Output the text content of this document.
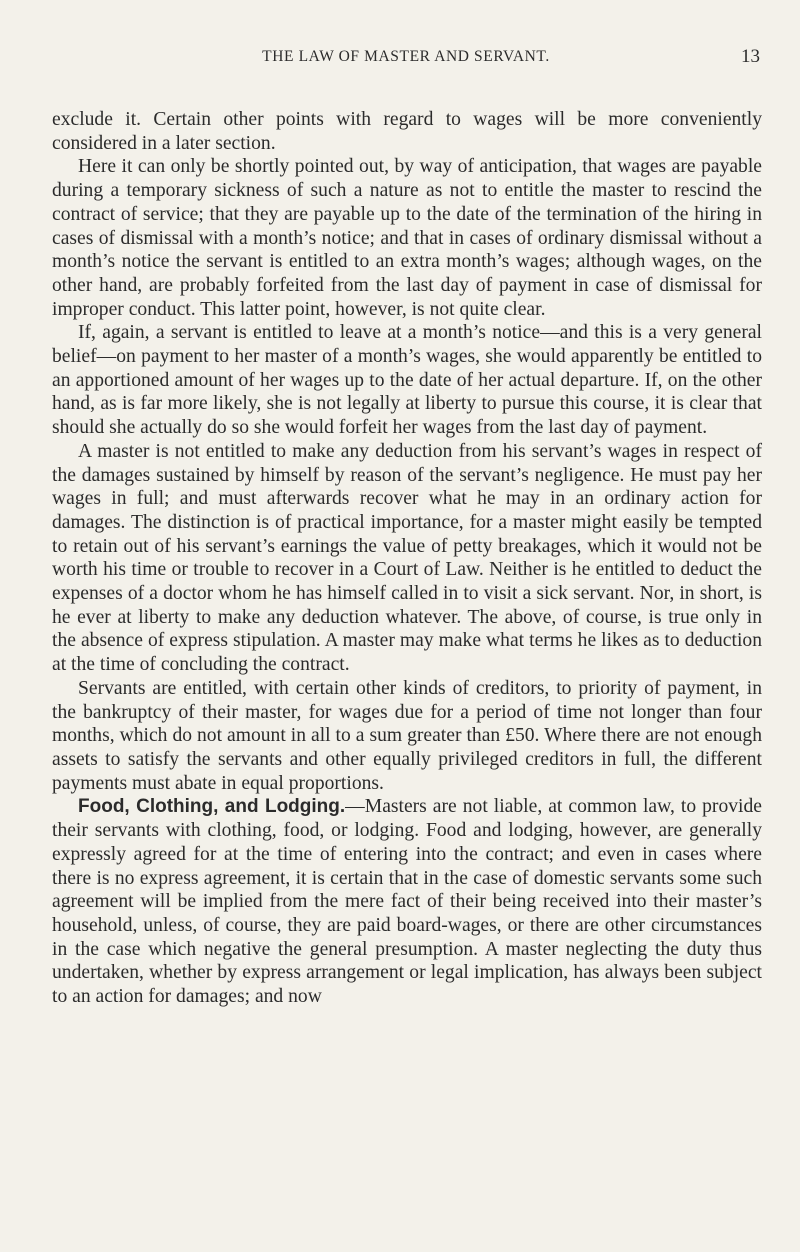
THE LAW OF MASTER AND SERVANT.	13

exclude it. Certain other points with regard to wages will be more conveniently considered in a later section.

Here it can only be shortly pointed out, by way of anticipation, that wages are payable during a temporary sickness of such a nature as not to entitle the master to rescind the contract of service; that they are payable up to the date of the termination of the hiring in cases of dismissal with a month’s notice; and that in cases of ordinary dismissal without a month’s notice the servant is entitled to an extra month’s wages; although wages, on the other hand, are probably forfeited from the last day of payment in case of dismissal for improper conduct. This latter point, however, is not quite clear.

If, again, a servant is entitled to leave at a month’s notice—and this is a very general belief—on payment to her master of a month’s wages, she would apparently be entitled to an apportioned amount of her wages up to the date of her actual departure. If, on the other hand, as is far more likely, she is not legally at liberty to pursue this course, it is clear that should she actually do so she would forfeit her wages from the last day of payment.

A master is not entitled to make any deduction from his servant’s wages in respect of the damages sustained by himself by reason of the servant’s negligence. He must pay her wages in full; and must afterwards recover what he may in an ordinary action for damages. The distinction is of practical importance, for a master might easily be tempted to retain out of his servant’s earnings the value of petty breakages, which it would not be worth his time or trouble to recover in a Court of Law. Neither is he entitled to deduct the expenses of a doctor whom he has himself called in to visit a sick servant. Nor, in short, is he ever at liberty to make any deduction whatever. The above, of course, is true only in the absence of express stipulation. A master may make what terms he likes as to deduction at the time of concluding the contract.

Servants are entitled, with certain other kinds of creditors, to priority of payment, in the bankruptcy of their master, for wages due for a period of time not longer than four months, which do not amount in all to a sum greater than £50. Where there are not enough assets to satisfy the servants and other equally privileged creditors in full, the different payments must abate in equal proportions.

Food, Clothing, and Lodging.—Masters are not liable, at common law, to provide their servants with clothing, food, or lodging. Food and lodging, however, are generally expressly agreed for at the time of entering into the contract; and even in cases where there is no express agreement, it is certain that in the case of domestic servants some such agreement will be implied from the mere fact of their being received into their master’s household, unless, of course, they are paid board-wages, or there are other circumstances in the case which negative the general presumption. A master neglecting the duty thus undertaken, whether by express arrangement or legal implication, has always been subject to an action for damages; and now
